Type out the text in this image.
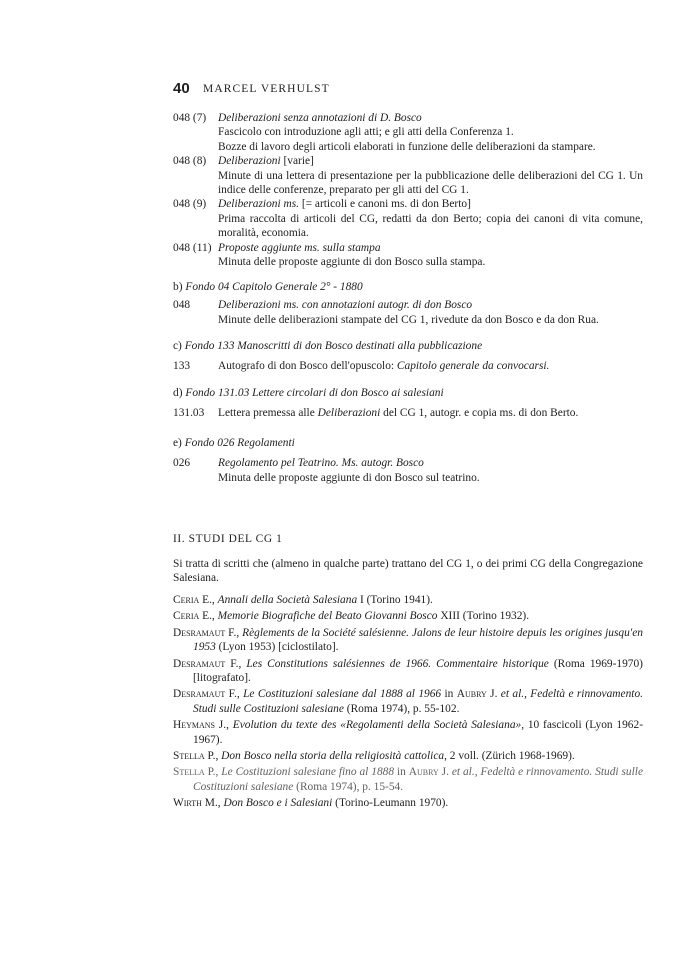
40 MARCEL VERHULST
048 (7) Deliberazioni senza annotazioni di D. Bosco
Fascicolo con introduzione agli atti; e gli atti della Conferenza 1.
Bozze di lavoro degli articoli elaborati in funzione delle deliberazioni da stampare.
048 (8) Deliberazioni [varie]
Minute di una lettera di presentazione per la pubblicazione delle deliberazioni del CG 1. Un indice delle conferenze, preparato per gli atti del CG 1.
048 (9) Deliberazioni ms. [= articoli e canoni ms. di don Berto]
Prima raccolta di articoli del CG, redatti da don Berto; copia dei canoni di vita comune, moralità, economia.
048 (11) Proposte aggiunte ms. sulla stampa
Minuta delle proposte aggiunte di don Bosco sulla stampa.
b) Fondo 04 Capitolo Generale 2° - 1880
048 Deliberazioni ms. con annotazioni autogr. di don Bosco
Minute delle deliberazioni stampate del CG 1, rivedute da don Bosco e da don Rua.
c) Fondo 133 Manoscritti di don Bosco destinati alla pubblicazione
133 Autografo di don Bosco dell'opuscolo: Capitolo generale da convocarsi.
d) Fondo 131.03 Lettere circolari di don Bosco ai salesiani
131.03 Lettera premessa alle Deliberazioni del CG 1, autogr. e copia ms. di don Berto.
e) Fondo 026 Regolamenti
026 Regolamento pel Teatrino. Ms. autogr. Bosco
Minuta delle proposte aggiunte di don Bosco sul teatrino.
II. STUDI DEL CG 1
Si tratta di scritti che (almeno in qualche parte) trattano del CG 1, o dei primi CG della Congregazione Salesiana.
Ceria E., Annali della Società Salesiana I (Torino 1941).
Ceria E., Memorie Biografiche del Beato Giovanni Bosco XIII (Torino 1932).
Desramaut F., Règlements de la Société salésienne. Jalons de leur histoire depuis les origines jusqu'en 1953 (Lyon 1953) [ciclostilato].
Desramaut F., Les Constitutions salésiennes de 1966. Commentaire historique (Roma 1969-1970) [litografato].
Desramaut F., Le Costituzioni salesiane dal 1888 al 1966 in Aubry J. et al., Fedeltà e rinnovamento. Studi sulle Costituzioni salesiane (Roma 1974), p. 55-102.
Heymans J., Evolution du texte des «Regolamenti della Società Salesiana», 10 fascicoli (Lyon 1962-1967).
Stella P., Don Bosco nella storia della religiosità cattolica, 2 voll. (Zürich 1968-1969).
Stella P., Le Costituzioni salesiane fino al 1888 in Aubry J. et al., Fedeltà e rinnovamento. Studi sulle Costituzioni salesiane (Roma 1974), p. 15-54.
Wirth M., Don Bosco e i Salesiani (Torino-Leumann 1970).
